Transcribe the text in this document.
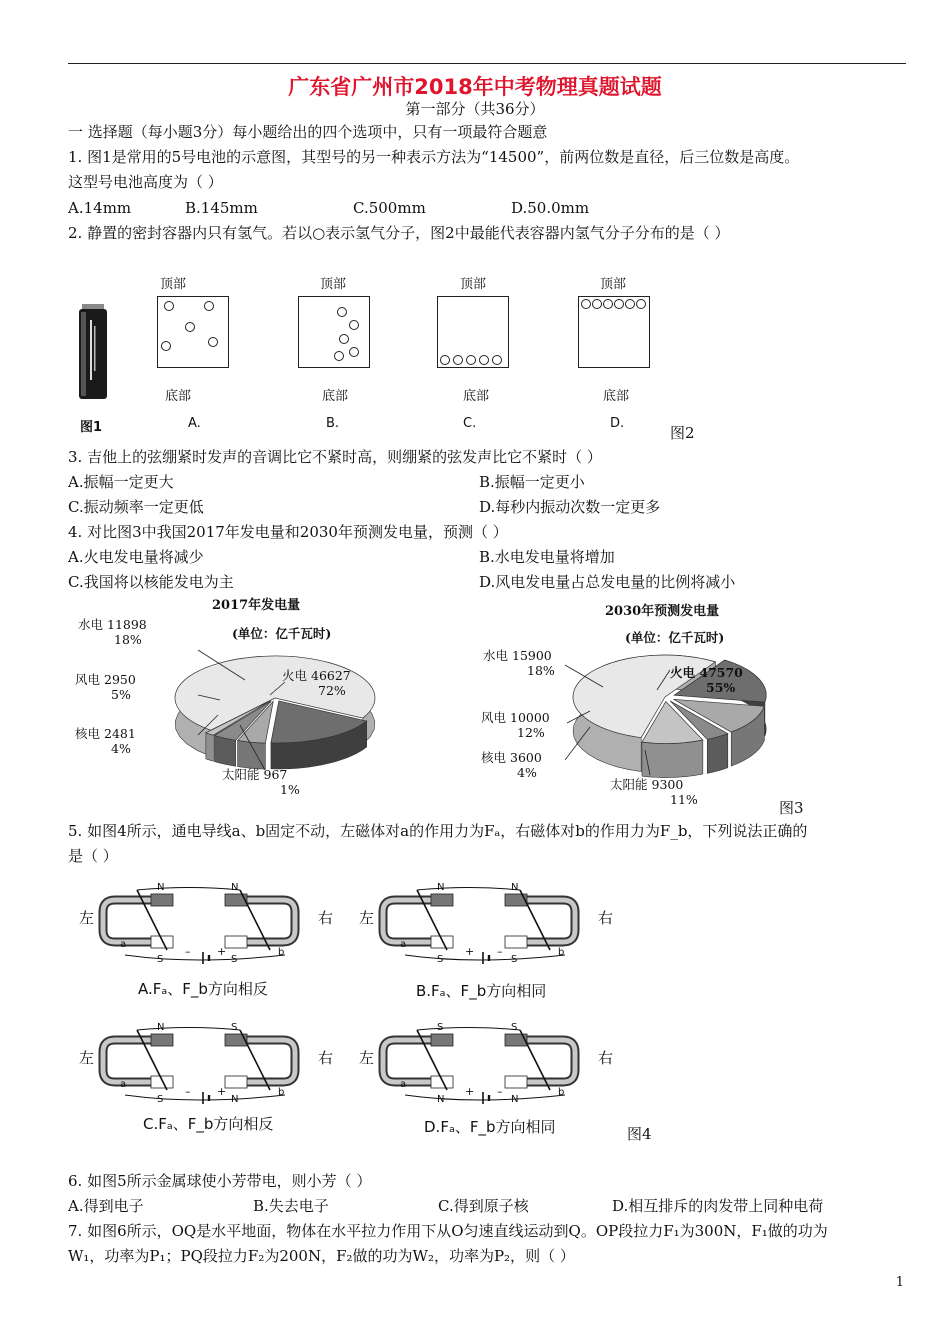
广东省广州市2018年中考物理真题试题
第一部分（共36分）
一 选择题（每小题3分）每小题给出的四个选项中，只有一项最符合题意
1. 图1是常用的5号电池的示意图，其型号的另一种表示方法为“14500”，前两位数是直径，后三位数是高度。
这型号电池高度为（ ）
A.14mm	B.145mm	C.500mm	D.50.0mm
2. 静置的密封容器内只有氢气。若以○表示氢气分子，图2中最能代表容器内氢气分子分布的是（ ）
顶部
底部
顶部
底部
顶部
底部
顶部
底部
图1	A.	B.	C.	D.
图2
3. 吉他上的弦绷紧时发声的音调比它不紧时高，则绷紧的弦发声比它不紧时（ ）
A.振幅一定更大	B.振幅一定更小
C.振动频率一定更低	D.每秒内振动次数一定更多
4. 对比图3中我国2017年发电量和2030年预测发电量，预测（ ）
A.火电发电量将减少	B.水电发电量将增加
C.我国将以核能发电为主	D.风电发电量占总发电量的比例将减小
2017年发电量
(单位：亿千瓦时)
水电 11898
18%
风电 2950
5%
核电 2481
4%
火电 46627
72%
太阳能 967
1%
2030年预测发电量
(单位：亿千瓦时)
水电 15900
18%
风电 10000
12%
核电 3600
4%
火电 47570
55%
太阳能 9300
11%	图3
5. 如图4所示，通电导线a、b固定不动，左磁体对a的作用力为Fₐ，右磁体对b的作用力为F_b，下列说法正确的
是（ ）
左	右
N
S
N
S
– +
a
b
左	右
N
S
N
S
+ –
a
b
左	右
N
S
S
N
– +
a
b
左	右
S
N
S
N
+ –
a
b
A.Fₐ、F_b方向相反	B.Fₐ、F_b方向相同
C.Fₐ、F_b方向相反	D.Fₐ、F_b方向相同	图4
6. 如图5所示金属球使小芳带电，则小芳（ ）
A.得到电子	B.失去电子	C.得到原子核	D.相互排斥的肉发带上同种电荷
7. 如图6所示，OQ是水平地面，物体在水平拉力作用下从O匀速直线运动到Q。OP段拉力F₁为300N，F₁做的功为
W₁，功率为P₁；PQ段拉力F₂为200N，F₂做的功为W₂，功率为P₂，则（ ）
1
